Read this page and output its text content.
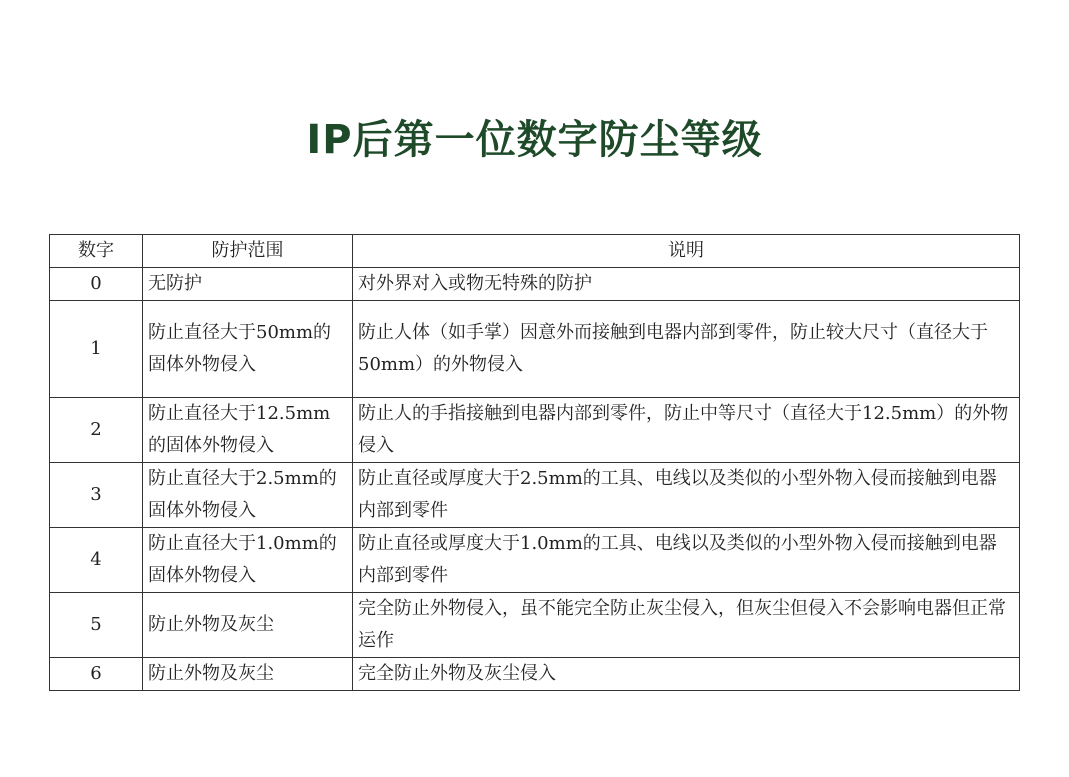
IP后第一位数字防尘等级
数字	防护范围	说明
0	无防护	对外界对入或物无特殊的防护
1	防止直径大于50mm的固体外物侵入	防止人体（如手掌）因意外而接触到电器内部到零件，防止较大尺寸（直径大于50mm）的外物侵入
2	防止直径大于12.5mm的固体外物侵入	防止人的手指接触到电器内部到零件，防止中等尺寸（直径大于12.5mm）的外物侵入
3	防止直径大于2.5mm的固体外物侵入	防止直径或厚度大于2.5mm的工具、电线以及类似的小型外物入侵而接触到电器内部到零件
4	防止直径大于1.0mm的固体外物侵入	防止直径或厚度大于1.0mm的工具、电线以及类似的小型外物入侵而接触到电器内部到零件
5	防止外物及灰尘	完全防止外物侵入，虽不能完全防止灰尘侵入，但灰尘但侵入不会影响电器但正常运作
6	防止外物及灰尘	完全防止外物及灰尘侵入
